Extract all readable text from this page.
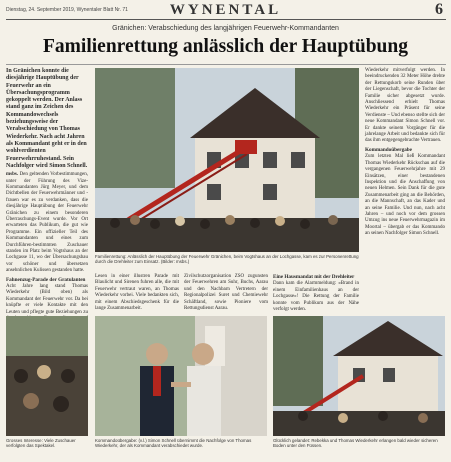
Dienstag, 24. September 2019, Wynentaler Blatt Nr. 71	WYNENTAL	6
Gränichen: Verabschiedung des langjährigen Feuerwehr-Kommandanten
Familienrettung anlässlich der Hauptübung
In Gränichen konnte die diesjährige Hauptübung der Feuerwehr an ein Übersachungsprogramm gekoppelt werden. Der Anlass stand ganz im Zeichen des Kommandowechsels beziehungsweise der Verabschiedung von Thomas Wiederkehr. Nach acht Jahren als Kommandant geht er in den wohlverdienten Feuerwehrruhestand. Sein Nachfolger wird Simon Schnell.
msbs. Den geltenden Vorbestimmungen, unter der Führung des Vize-Kommandanten Jürg Meyer, und dem Dichtbellen der Feuerwehrmänner und -frauen war es zu verdanken, dass die diesjährige Hauptübung der Feuerwehr Gränichen zu einem besonderen Überraschungs-Event wurde. Vor Ort erwarteten das Publikum, die gut wie Programme. Ein offizieller Teil des Kommandanten und eines zum Durchführen-bestimmten Zuschauer standen im Platz beim Vogtshaus an der Lochgasse 11, wo der Übersachungsbau vor schöner und übersetzen ansehnlichen Kulissen gestanden hatte.
Fahnenzug-Parade der Gratulanten
Acht Jahre lang stand Thomas Wiederkehr (Bild oben) als Kommandant der Feuerwehr vor. Da bei knüpfte er viele Kontakte mit den Leuten und pflegte gute Beziehungen zu
Familienrettung: Anlässlich der Hauptübung der Feuerwehr Gränichen, beim Vogtshaus an der Lochgasse, kam es zur Personenrettung durch die Drehleiter zum Einsatz. (Bilder: msbs.)
Lesen in einer illustren Parade mit Blaulicht und Sirenen fuhren alle, die mit Feuerwehr vertraut waren, an Thomas Wiederkehr vorbei. Viele bedankten sich, mit einem Abschiedsgeschenk für die lange Zusammenarbeit.
Zivilschutzorganisation ZSO zugunsten der Feuerwehren am Suhr, Buchs, Aarau und den Nachbarn Vertretern der Regionalpolizei Suret und Chemiewehr Schäftland, sowie Pioniere vom Rettungsdienst Aarau.
Eine Hausmandat mit der Drehleiter
Dann kam die Alarmmeldung: «Brand in einem Einfamilienhaus an der Lochgasse»! Die Rettung der Familie konnte vom Publikum aus der Nähe verfolgt werden.
Wiederkehr mitverfolgt werden. In beeindruckenden 32 Meter Höhe drehte der Rettungskorb seine Runden über der Liegenschaft, bevor die Tochter der Familie sicher abgesetzt wurde. Anschliessend erhielt Thomas Wiederkehr ein Präsent für seine Verdienste – Und ebenso stellte sich der neue Kommandant Simon Schnell vor. Er dankte seinem Vorgänger für die jahrelange Arbeit und bedankte sich für das ihm entgegengebrachte Vertrauen.
Kommandoübergabe
Zum letzten Mal ließ Kommandant Thomas Wiederkehr Rückschau auf die vergangenen Feuerwehrjahre mit 29 Einsätzen, einer bestandenen Inspektion und die Anschaffung von neuen Helmen. Sein Dank für die gute Zusammenarbeit ging an die Behörden, an die Mannschaft, an das Kader und an seine Familie. Und nun, nach acht Jahren – und noch vor dem grossen Umzug ins neue Feuerwehrmagazin im Moortal – übergab er das Kommando an seinen Nachfolger Simon Schnell.
Grosses Interesse: Viele Zuschauer verfolgten das Spektakel.
Kommandoübergabe: (v.l.) Simon Schnell übernimmt die Nachfolge von Thomas Wiederkehr, der als Kommandant verabschiedet wurde.
Glücklich gelandet: Rebekka und Thomas Wiederkehr erlangen bald wieder sicheren Boden unter den Füssen.
